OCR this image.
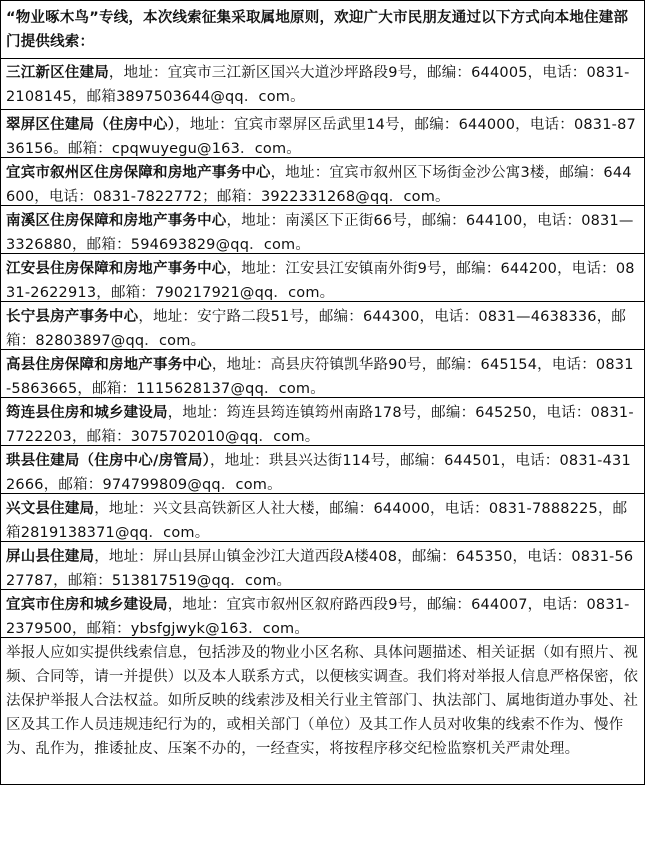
“物业啄木鸟”专线，本次线索征集采取属地原则，欢迎广大市民朋友通过以下方式向本地住建部门提供线索：
三江新区住建局，地址：宜宾市三江新区国兴大道沙坪路段9号，邮编：644005，电话：0831-2108145，邮箱3897503644@qq．com。
翠屏区住建局（住房中心），地址：宜宾市翠屏区岳武里14号，邮编：644000，电话：0831-8736156。邮箱：cpqwuyegu@163．com。
宜宾市叙州区住房保障和房地产事务中心，地址：宜宾市叙州区下场街金沙公寓3楼，邮编：644600，电话：0831-7822772；邮箱：3922331268@qq．com。
南溪区住房保障和房地产事务中心，地址：南溪区下正街66号，邮编：644100，电话：0831—3326880，邮箱：594693829@qq．com。
江安县住房保障和房地产事务中心，地址：江安县江安镇南外街9号，邮编：644200，电话：0831-2622913，邮箱：790217921@qq．com。
长宁县房产事务中心，地址：安宁路二段51号，邮编：644300，电话：0831—4638336，邮箱：82803897@qq．com。
高县住房保障和房地产事务中心，地址：高县庆符镇凯华路90号，邮编：645154，电话：0831-5863665，邮箱：1115628137@qq．com。
筠连县住房和城乡建设局，地址：筠连县筠连镇筠州南路178号，邮编：645250，电话：0831-7722203，邮箱：3075702010@qq．com。
珙县住建局（住房中心/房管局），地址：珙县兴达街114号，邮编：644501，电话：0831-4312666，邮箱：974799809@qq．com。
兴文县住建局，地址：兴文县高铁新区人社大楼，邮编：644000，电话：0831-7888225，邮箱2819138371@qq．com。
屏山县住建局，地址：屏山县屏山镇金沙江大道西段A楼408，邮编：645350，电话：0831-5627787，邮箱：513817519@qq．com。
宜宾市住房和城乡建设局，地址：宜宾市叙州区叙府路西段9号，邮编：644007，电话：0831-2379500，邮箱：ybsfgjwyk@163．com。
举报人应如实提供线索信息，包括涉及的物业小区名称、具体问题描述、相关证据（如有照片、视频、合同等，请一并提供）以及本人联系方式，以便核实调查。我们将对举报人信息严格保密，依法保护举报人合法权益。如所反映的线索涉及相关行业主管部门、执法部门、属地街道办事处、社区及其工作人员违规违纪行为的，或相关部门（单位）及其工作人员对收集的线索不作为、慢作为、乱作为，推诿扯皮、压案不办的，一经查实，将按程序移交纪检监察机关严肃处理。
